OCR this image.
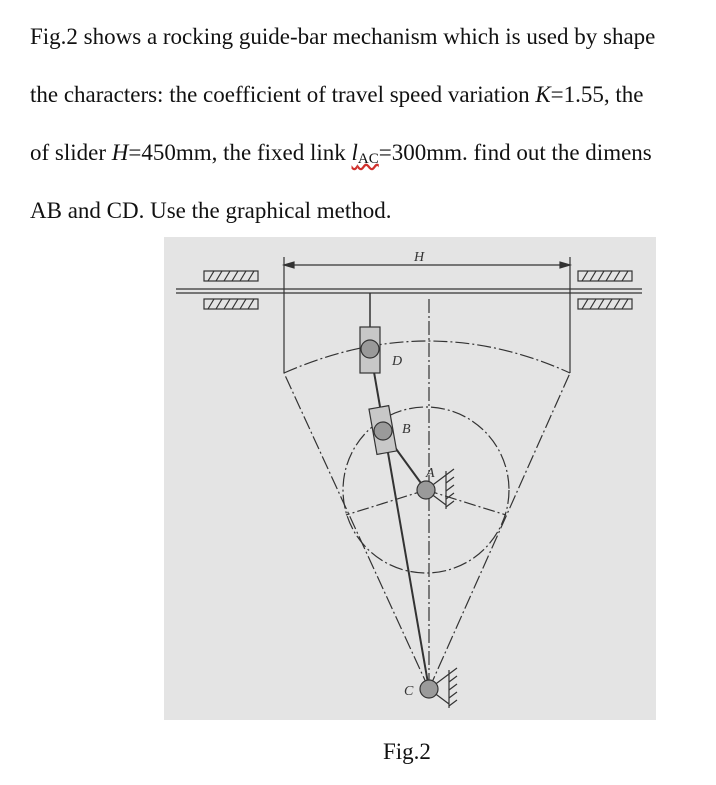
Fig.2 shows a rocking guide-bar mechanism which is used by shape
the characters: the coefficient of travel speed variation K=1.55, the
of slider H=450mm, the fixed link $l_{AC}=300mm$. find out the dimens
AB and CD. Use the graphical method.
H
D
B
A
C
Fig.2
